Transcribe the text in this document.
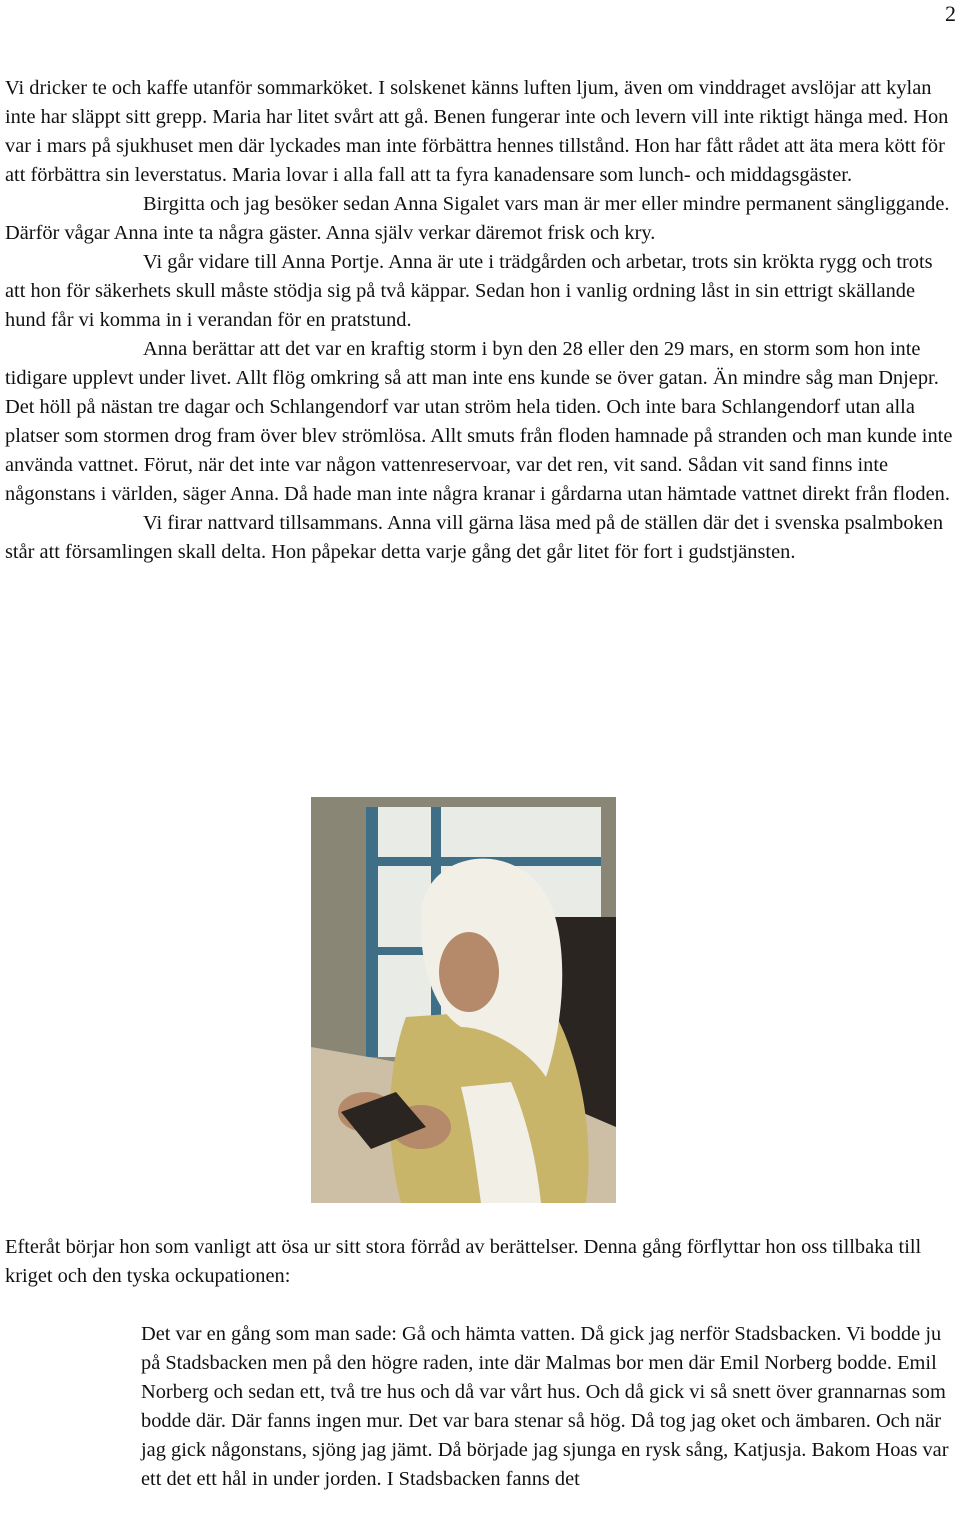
2

Vi dricker te och kaffe utanför sommarköket. I solskenet känns luften ljum, även om vinddraget avslöjar att kylan inte har släppt sitt grepp. Maria har litet svårt att gå. Benen fungerar inte och levern vill inte riktigt hänga med. Hon var i mars på sjukhuset men där lyckades man inte förbättra hennes tillstånd. Hon har fått rådet att äta mera kött för att förbättra sin leverstatus. Maria lovar i alla fall att ta fyra kanadensare som lunch- och middagsgäster.

Birgitta och jag besöker sedan Anna Sigalet vars man är mer eller mindre permanent sängliggande. Därför vågar Anna inte ta några gäster. Anna själv verkar däremot frisk och kry.

Vi går vidare till Anna Portje. Anna är ute i trädgården och arbetar, trots sin krökta rygg och trots att hon för säkerhets skull måste stödja sig på två käppar. Sedan hon i vanlig ordning låst in sin ettrigt skällande hund får vi komma in i verandan för en pratstund.

Anna berättar att det var en kraftig storm i byn den 28 eller den 29 mars, en storm som hon inte tidigare upplevt under livet. Allt flög omkring så att man inte ens kunde se över gatan. Än mindre såg man Dnjepr. Det höll på nästan tre dagar och Schlangendorf var utan ström hela tiden. Och inte bara Schlangendorf utan alla platser som stormen drog fram över blev strömlösa. Allt smuts från floden hamnade på stranden och man kunde inte använda vattnet. Förut, när det inte var någon vattenreservoar, var det ren, vit sand. Sådan vit sand finns inte någonstans i världen, säger Anna. Då hade man inte några kranar i gårdarna utan hämtade vattnet direkt från floden.

Vi firar nattvard tillsammans. Anna vill gärna läsa med på de ställen där det i svenska psalmboken står att församlingen skall delta. Hon påpekar detta varje gång det går litet för fort i gudstjänsten.

Efteråt börjar hon som vanligt att ösa ur sitt stora förråd av berättelser. Denna gång förflyttar hon oss tillbaka till kriget och den tyska ockupationen:

Det var en gång som man sade: Gå och hämta vatten. Då gick jag nerför Stadsbacken. Vi bodde ju på Stadsbacken men på den högre raden, inte där Malmas bor men där Emil Norberg bodde. Emil Norberg och sedan ett, två tre hus och då var vårt hus. Och då gick vi så snett över grannarnas som bodde där. Där fanns ingen mur. Det var bara stenar så hög. Då tog jag oket och ämbaren. Och när jag gick någonstans, sjöng jag jämt. Då började jag sjunga en rysk sång, Katjusja. Bakom Hoas var ett det ett hål in under jorden. I Stadsbacken fanns det
